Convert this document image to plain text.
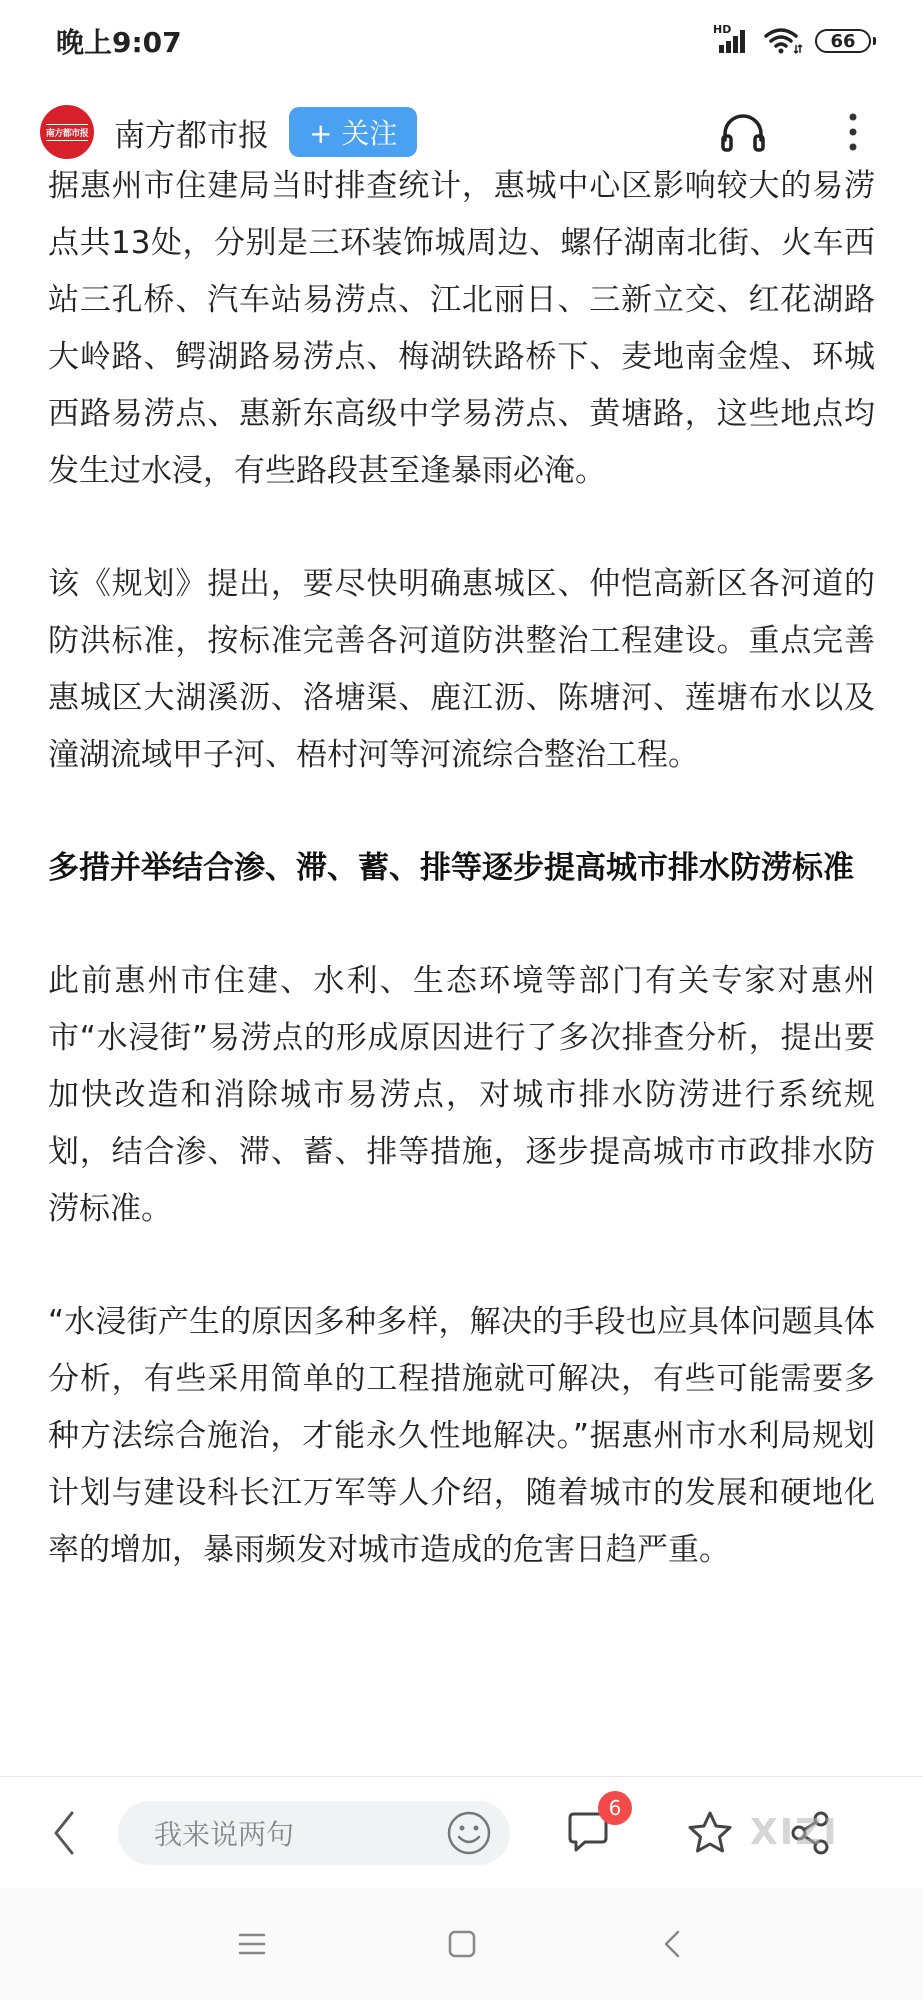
晚上9:07	HD
66
南方都市报 南方都市报	+ 关注

据惠州市住建局当时排查统计，惠城中心区影响较大的易涝点共13处，分别是三环装饰城周边、螺仔湖南北街、火车西站三孔桥、汽车站易涝点、江北丽日、三新立交、红花湖路大岭路、鳄湖路易涝点、梅湖铁路桥下、麦地南金煌、环城西路易涝点、惠新东高级中学易涝点、黄塘路，这些地点均发生过水浸，有些路段甚至逢暴雨必淹。

该《规划》提出，要尽快明确惠城区、仲恺高新区各河道的防洪标准，按标准完善各河道防洪整治工程建设。重点完善惠城区大湖溪沥、洛塘渠、鹿江沥、陈塘河、莲塘布水以及潼湖流域甲子河、梧村河等河流综合整治工程。

多措并举结合渗、滞、蓄、排等逐步提高城市排水防涝标准

此前惠州市住建、水利、生态环境等部门有关专家对惠州市“水浸街”易涝点的形成原因进行了多次排查分析，提出要加快改造和消除城市易涝点，对城市排水防涝进行系统规划，结合渗、滞、蓄、排等措施，逐步提高城市市政排水防涝标准。

“水浸街产生的原因多种多样，解决的手段也应具体问题具体分析，有些采用简单的工程措施就可解决，有些可能需要多种方法综合施治，才能永久性地解决。”据惠州市水利局规划计划与建设科长江万军等人介绍，随着城市的发展和硬地化率的增加，暴雨频发对城市造成的危害日趋严重。

我来说两句
6
XIZI
